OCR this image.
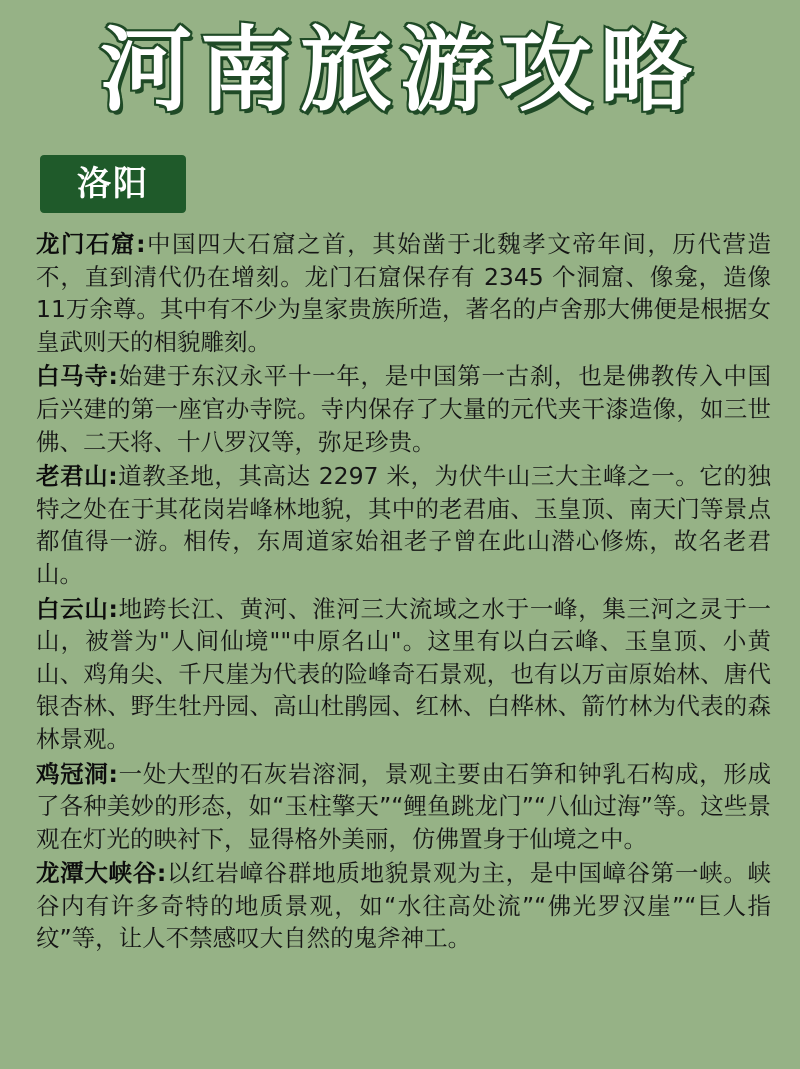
河南旅游攻略
洛阳

龙门石窟:中国四大石窟之首，其始凿于北魏孝文帝年间，历代营造不，直到清代仍在增刻。龙门石窟保存有 2345 个洞窟、像龛，造像11万余尊。其中有不少为皇家贵族所造，著名的卢舍那大佛便是根据女皇武则天的相貌雕刻。

白马寺:始建于东汉永平十一年，是中国第一古刹，也是佛教传入中国后兴建的第一座官办寺院。寺内保存了大量的元代夹干漆造像，如三世佛、二天将、十八罗汉等，弥足珍贵。

老君山:道教圣地，其高达 2297 米，为伏牛山三大主峰之一。它的独特之处在于其花岗岩峰林地貌，其中的老君庙、玉皇顶、南天门等景点都值得一游。相传，东周道家始祖老子曾在此山潜心修炼，故名老君山。

白云山:地跨长江、黄河、淮河三大流域之水于一峰，集三河之灵于一山，被誉为"人间仙境""中原名山"。这里有以白云峰、玉皇顶、小黄山、鸡角尖、千尺崖为代表的险峰奇石景观，也有以万亩原始林、唐代银杏林、野生牡丹园、高山杜鹃园、红林、白桦林、箭竹林为代表的森林景观。

鸡冠洞:一处大型的石灰岩溶洞，景观主要由石笋和钟乳石构成，形成了各种美妙的形态，如“玉柱擎天”“鲤鱼跳龙门”“八仙过海”等。这些景观在灯光的映衬下，显得格外美丽，仿佛置身于仙境之中。

龙潭大峡谷:以红岩嶂谷群地质地貌景观为主，是中国嶂谷第一峡。峡谷内有许多奇特的地质景观，如“水往高处流”“佛光罗汉崖”“巨人指纹”等，让人不禁感叹大自然的鬼斧神工。
